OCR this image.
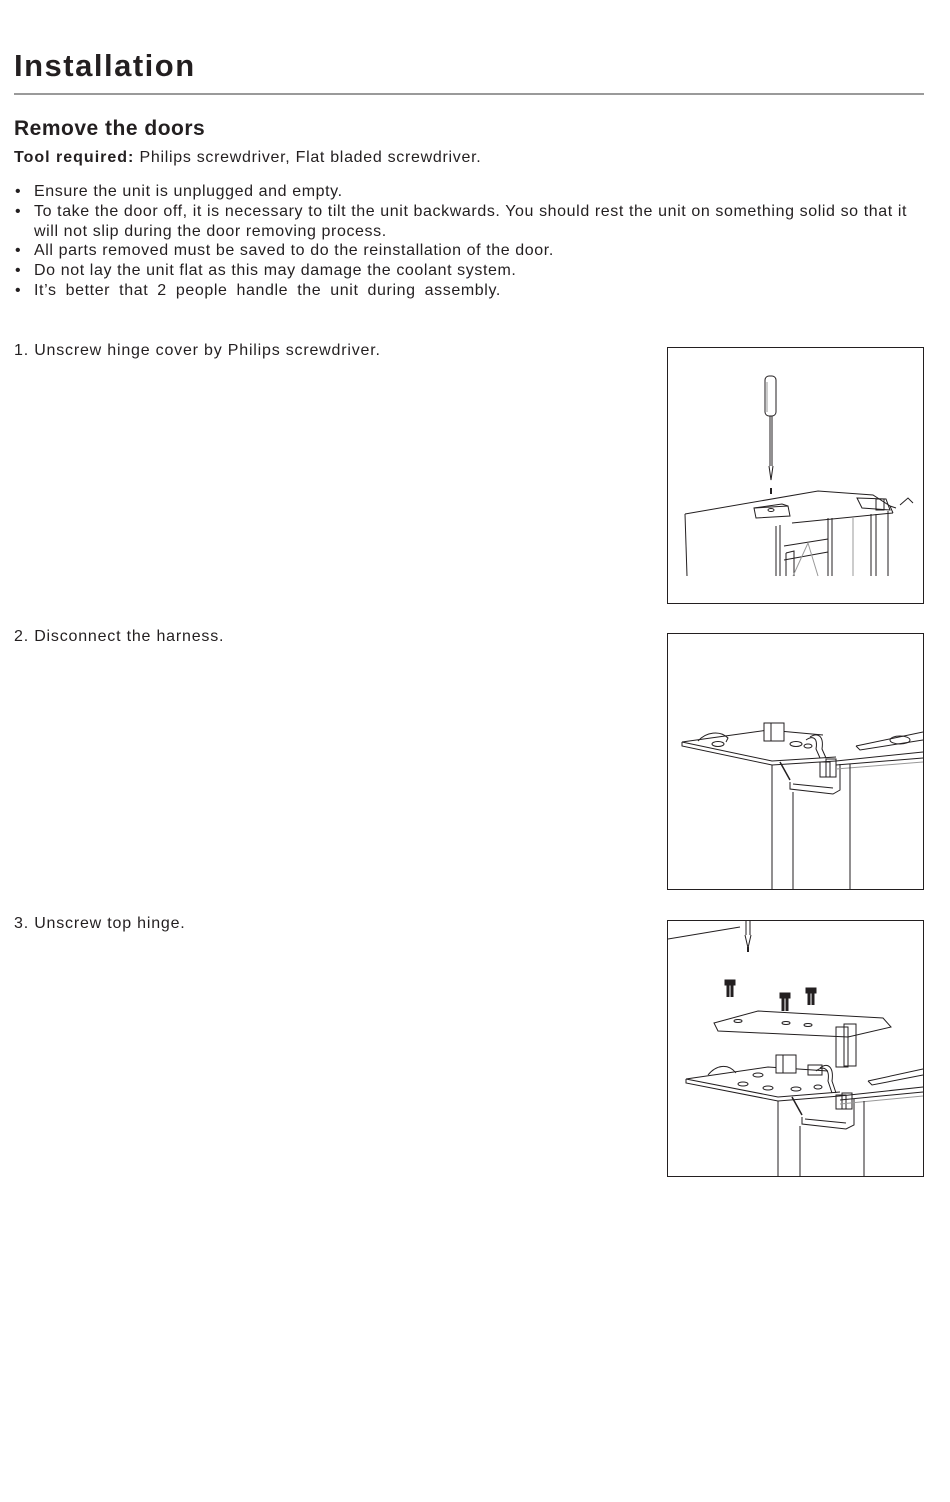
Installation
Remove the doors

Tool required: Philips screwdriver, Flat bladed screwdriver.

• Ensure the unit is unplugged and empty.
• To take the door off, it is necessary to tilt the unit backwards. You should rest the unit on something solid so that it will not slip during the door removing process.
• All parts removed must be saved to do the reinstallation of the door.
• Do not lay the unit flat as this may damage the coolant system.
• It’s better that 2 people handle the unit during assembly.

1. Unscrew hinge cover by Philips screwdriver.

2. Disconnect the harness.

3. Unscrew top hinge.
